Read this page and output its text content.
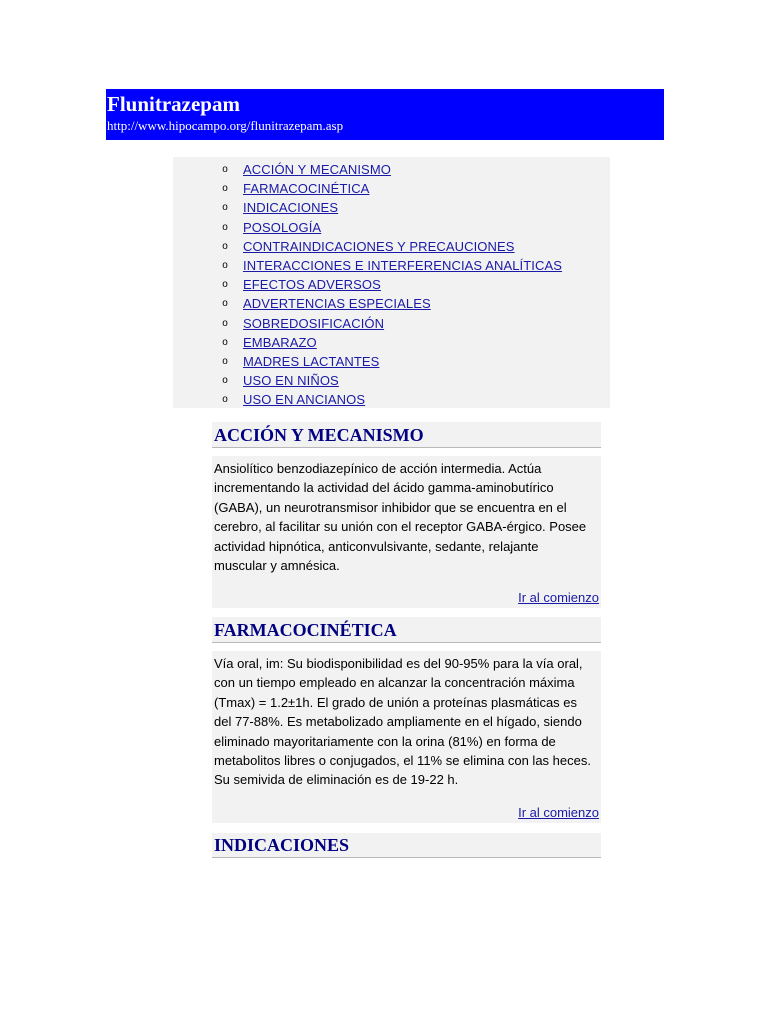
Flunitrazepam
http://www.hipocampo.org/flunitrazepam.asp
o ACCIÓN Y MECANISMO
o FARMACOCINÉTICA
o INDICACIONES
o POSOLOGÍA
o CONTRAINDICACIONES Y PRECAUCIONES
o INTERACCIONES E INTERFERENCIAS ANALÍTICAS
o EFECTOS ADVERSOS
o ADVERTENCIAS ESPECIALES
o SOBREDOSIFICACIÓN
o EMBARAZO
o MADRES LACTANTES
o USO EN NIÑOS
o USO EN ANCIANOS
ACCIÓN Y MECANISMO
Ansiolítico benzodiazepínico de acción intermedia. Actúa
incrementando la actividad del ácido gamma-aminobutírico
(GABA), un neurotransmisor inhibidor que se encuentra en el
cerebro, al facilitar su unión con el receptor GABA-érgico. Posee
actividad hipnótica, anticonvulsivante, sedante, relajante
muscular y amnésica.
Ir al comienzo
FARMACOCINÉTICA
Vía oral, im: Su biodisponibilidad es del 90-95% para la vía oral,
con un tiempo empleado en alcanzar la concentración máxima
(Tmax) = 1.2±1h. El grado de unión a proteínas plasmáticas es
del 77-88%. Es metabolizado ampliamente en el hígado, siendo
eliminado mayoritariamente con la orina (81%) en forma de
metabolitos libres o conjugados, el 11% se elimina con las heces.
Su semivida de eliminación es de 19-22 h.
Ir al comienzo
INDICACIONES
